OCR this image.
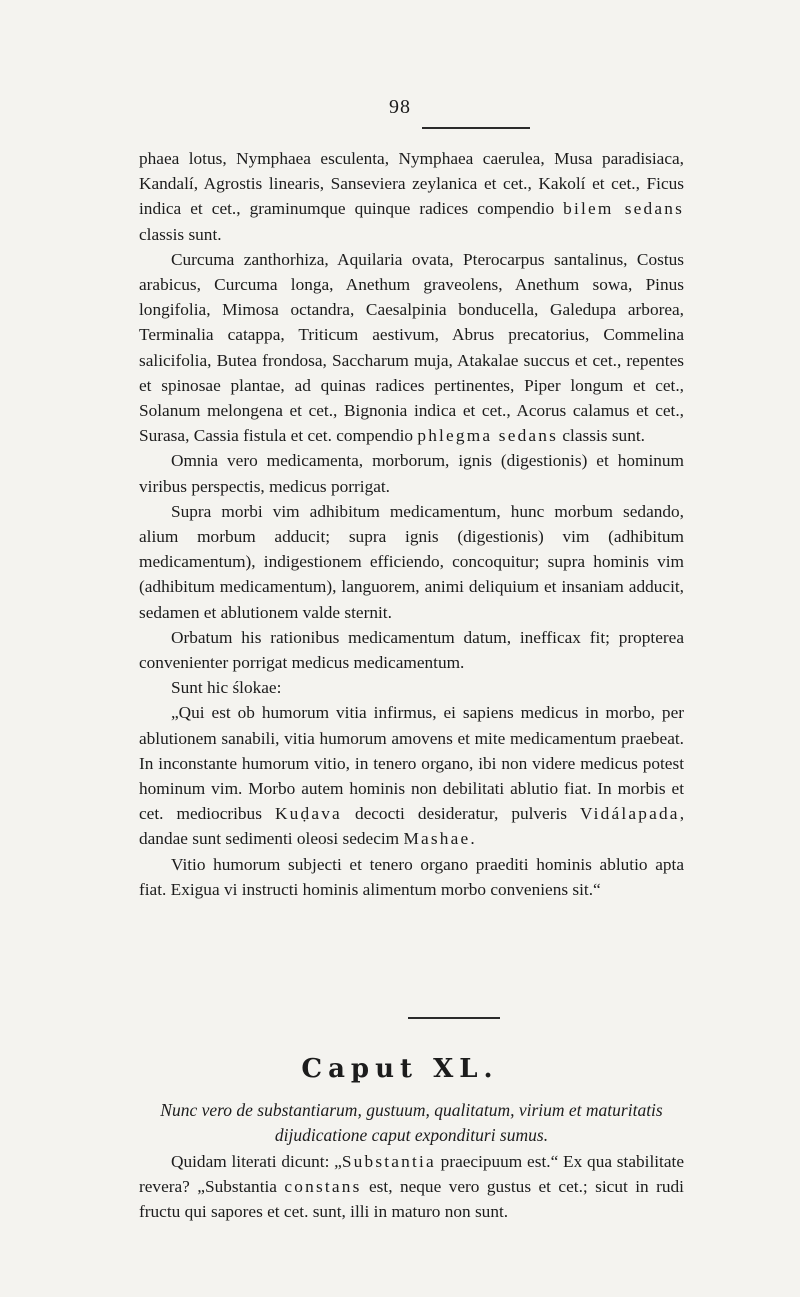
98

phaea lotus, Nymphaea esculenta, Nymphaea caerulea, Musa paradisiaca, Kandalí, Agrostis linearis, Sanseviera zeylanica et cet., Kakolí et cet., Ficus indica et cet., graminumque quinque radices compendio bilem sedans classis sunt.

Curcuma zanthorhiza, Aquilaria ovata, Pterocarpus santalinus, Costus arabicus, Curcuma longa, Anethum graveolens, Anethum sowa, Pinus longifolia, Mimosa octandra, Caesalpinia bonducella, Galedupa arborea, Terminalia catappa, Triticum aestivum, Abrus precatorius, Commelina salicifolia, Butea frondosa, Saccharum muja, Atakalae succus et cet., repentes et spinosae plantae, ad quinas radices pertinentes, Piper longum et cet., Solanum melongena et cet., Bignonia indica et cet., Acorus calamus et cet., Surasa, Cassia fistula et cet. compendio phlegma sedans classis sunt.

Omnia vero medicamenta, morborum, ignis (digestionis) et hominum viribus perspectis, medicus porrigat.

Supra morbi vim adhibitum medicamentum, hunc morbum sedando, alium morbum adducit; supra ignis (digestionis) vim (adhibitum medicamentum), indigestionem efficiendo, concoquitur; supra hominis vim (adhibitum medicamentum), languorem, animi deliquium et insaniam adducit, sedamen et ablutionem valde sternit.

Orbatum his rationibus medicamentum datum, inefficax fit; propterea convenienter porrigat medicus medicamentum.

Sunt hic ślokae:

„Qui est ob humorum vitia infirmus, ei sapiens medicus in morbo, per ablutionem sanabili, vitia humorum amovens et mite medicamentum praebeat. In inconstante humorum vitio, in tenero organo, ibi non videre medicus potest hominum vim. Morbo autem hominis non debilitati ablutio fiat. In morbis et cet. mediocribus Kuḍava decocti desideratur, pulveris Vidálapada, dandae sunt sedimenti oleosi sedecim Mashae.

Vitio humorum subjecti et tenero organo praediti hominis ablutio apta fiat. Exigua vi instructi hominis alimentum morbo conveniens sit.“

Caput XL.
Nunc vero de substantiarum, gustuum, qualitatum, virium et maturitatis dijudicatione caput expondituri sumus.

Quidam literati dicunt: „Substantia praecipuum est.“ Ex qua stabilitate revera? „Substantia constans est, neque vero gustus et cet.; sicut in rudi fructu qui sapores et cet. sunt, illi in maturo non sunt.
